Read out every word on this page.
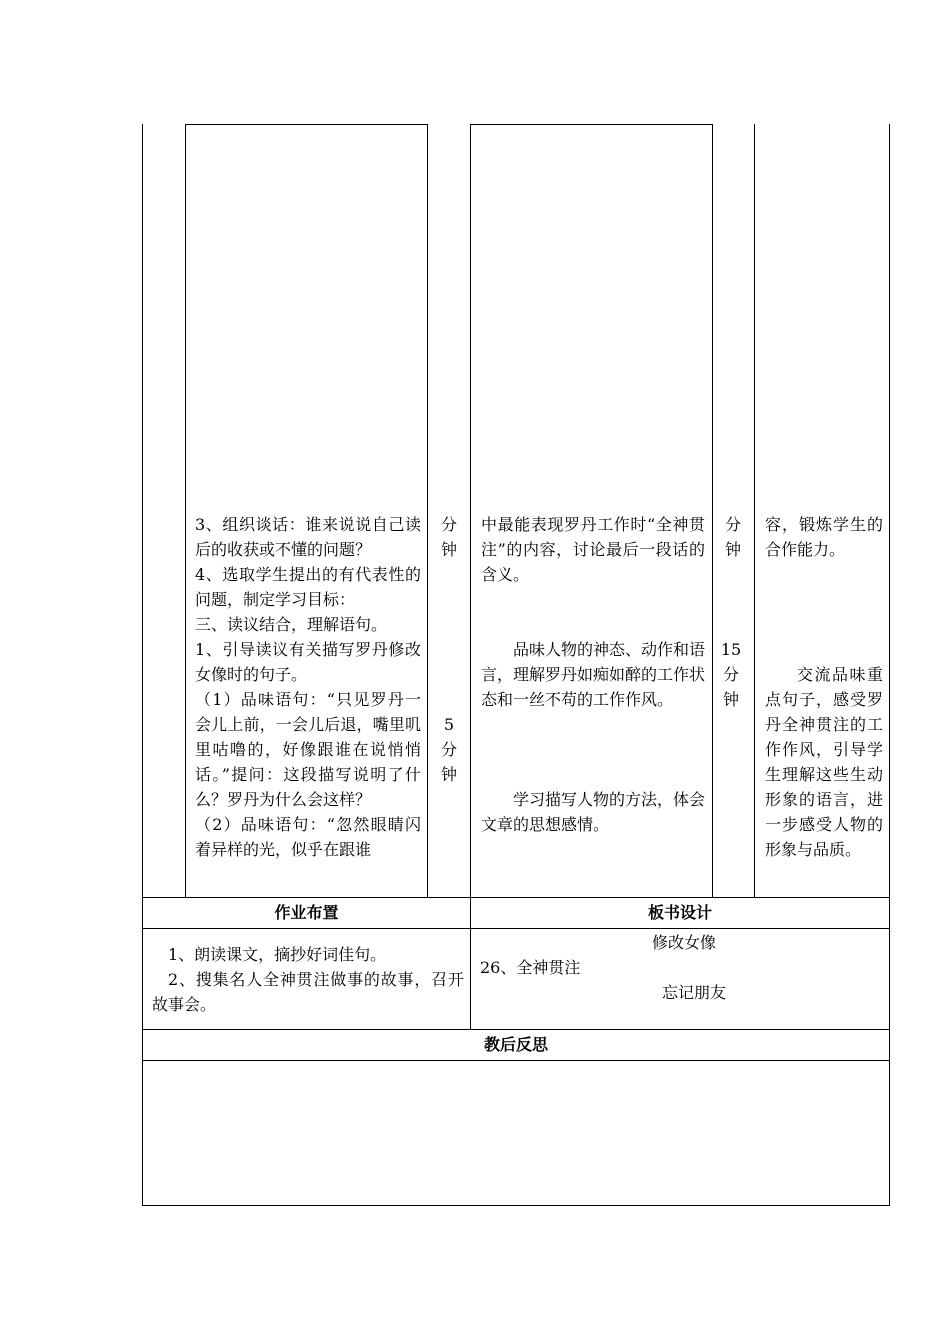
3、组织谈话：谁来说说自己读后的收获或不懂的问题？

4、选取学生提出的有代表性的问题，制定学习目标：

三、读议结合，理解语句。

1、引导读议有关描写罗丹修改女像时的句子。

（1）品味语句：“只见罗丹一会儿上前，一会儿后退，嘴里叽里咕噜的，好像跟谁在说悄悄话。”提问：这段描写说明了什么？罗丹为什么会这样？

（2）品味语句：“忽然眼睛闪着异样的光，似乎在跟谁

分钟

5

分钟

中最能表现罗丹工作时“全神贯注”的内容，讨论最后一段话的含义。

品味人物的神态、动作和语言，理解罗丹如痴如醉的工作状态和一丝不苟的工作作风。

学习描写人物的方法，体会文章的思想感情。

分钟

15

分钟

容，锻炼学生的合作能力。

交流品味重点句子，感受罗丹全神贯注的工作作风，引导学生理解这些生动形象的语言，进一步感受人物的形象与品质。

作业布置	板书设计

1、朗读课文，摘抄好词佳句。

2、搜集名人全神贯注做事的故事，召开故事会。

修改女像
26、全神贯注
忘记朋友
教后反思
